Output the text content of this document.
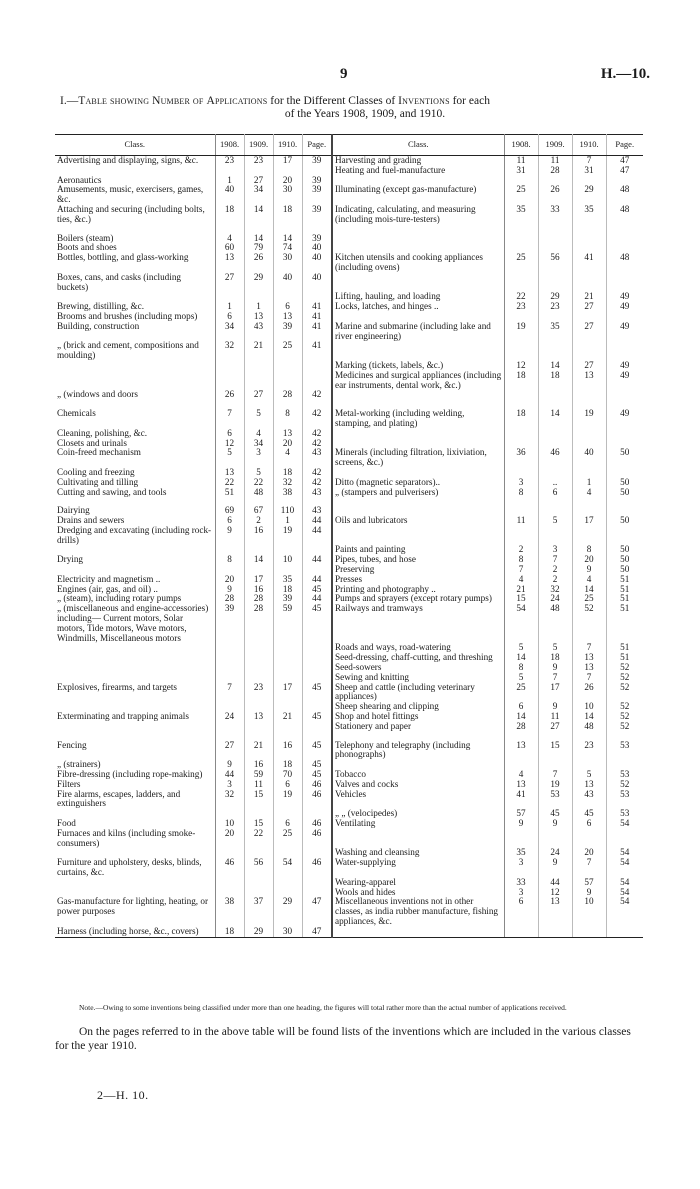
9	H.—10.
I.—Table showing Number of Applications for the Different Classes of Inventions for each
of the Years 1908, 1909, and 1910.
Class.	1908.	1909.	1910.	Page.	Class.	1908.	1909.	1910.	Page.
Advertising and displaying, signs, &c.	23	23	17	39	Harvesting and grading	11	11	7	47
					Heating and fuel-manufacture	31	28	31	47
Aeronautics	1	27	20	39					
Amusements, music, exercisers, games, &c.	40	34	30	39	Illuminating (except gas-manufacture)	25	26	29	48
Attaching and securing (including bolts, ties, &c.)	18	14	18	39	Indicating, calculating, and measuring (including mois-ture-testers)	35	33	35	48

Boilers (steam)	4	14	14	39					
Boots and shoes	60	79	74	40					
Bottles, bottling, and glass-working	13	26	30	40	Kitchen utensils and cooking appliances (including ovens)	25	56	41	48
Boxes, cans, and casks (including buckets)	27	29	40	40					
					Lifting, hauling, and loading	22	29	21	49
Brewing, distilling, &c.	1	1	6	41	Locks, latches, and hinges ..	23	23	27	49
Brooms and brushes (including mops)	6	13	13	41					
Building, construction	34	43	39	41	Marine and submarine (including lake and river engineering)	19	35	27	49
„ (brick and cement, compositions and moulding)	32	21	25	41					
					Marking (tickets, labels, &c.)	12	14	27	49
					Medicines and surgical appliances (including ear instruments, dental work, &c.)	18	18	13	49
„ (windows and doors	26	27	28	42					

Chemicals	7	5	8	42	Metal-working (including welding, stamping, and plating)	18	14	19	49
Cleaning, polishing, &c.	6	4	13	42					
Closets and urinals	12	34	20	42					
Coin-freed mechanism	5	3	4	43	Minerals (including filtration, lixiviation, screens, &c.)	36	46	40	50
Cooling and freezing	13	5	18	42					
Cultivating and tilling	22	22	32	42	Ditto (magnetic separators)..	3	..	1	50
Cutting and sawing, and tools	51	48	38	43	„ (stampers and pulverisers)	8	6	4	50

Dairying	69	67	110	43					
Drains and sewers	6	2	1	44	Oils and lubricators	11	5	17	50
Dredging and excavating (including rock-drills)	9	16	19	44					
					Paints and painting	2	3	8	50
Drying	8	14	10	44	Pipes, tubes, and hose	8	7	20	50
					Preserving	7	2	9	50
Electricity and magnetism ..	20	17	35	44	Presses	4	2	4	51
Engines (air, gas, and oil) ..	9	16	18	45	Printing and photography ..	21	32	14	51
„ (steam), including rotary pumps	28	28	39	44	Pumps and sprayers (except rotary pumps)	15	24	25	51
„ (miscellaneous and engine-accessories) including— Current motors, Solar motors, Tide motors, Wave motors, Windmills, Miscellaneous motors	39	28	59	45	Railways and tramways	54	48	52	51
					Roads and ways, road-watering	5	5	7	51
					Seed-dressing, chaff-cutting, and threshing	14	18	13	51
					Seed-sowers	8	9	13	52
					Sewing and knitting	5	7	7	52
Explosives, firearms, and targets	7	23	17	45	Sheep and cattle (including veterinary appliances)	25	17	26	52
					Sheep shearing and clipping	6	9	10	52
Exterminating and trapping animals	24	13	21	45	Shop and hotel fittings	14	11	14	52
					Stationery and paper	28	27	48	52

Fencing	27	21	16	45	Telephony and telegraphy (including phonographs)	13	15	23	53
„ (strainers)	9	16	18	45					
Fibre-dressing (including rope-making)	44	59	70	45	Tobacco	4	7	5	53
Filters	3	11	6	46	Valves and cocks	13	19	13	52
Fire alarms, escapes, ladders, and extinguishers	32	15	19	46	Vehicles	41	53	43	53
					„ „ (velocipedes)	57	45	45	53
Food	10	15	6	46	Ventilating	9	9	6	54
Furnaces and kilns (including smoke-consumers)	20	22	25	46					
					Washing and cleansing	35	24	20	54
Furniture and upholstery, desks, blinds, curtains, &c.	46	56	54	46	Water-supplying	3	9	7	54
					Wearing-apparel	33	44	57	54
					Wools and hides	3	12	9	54
Gas-manufacture for lighting, heating, or power purposes	38	37	29	47	Miscellaneous inventions not in other classes, as india rubber manufacture, fishing appliances, &c.	6	13	10	54
Harness (including horse, &c., covers)	18	29	30	47					
Note.—Owing to some inventions being classified under more than one heading, the figures will total rather more than the actual number of applications received.
On the pages referred to in the above table will be found lists of the inventions which are included in the various classes for the year 1910.
2—H. 10.
